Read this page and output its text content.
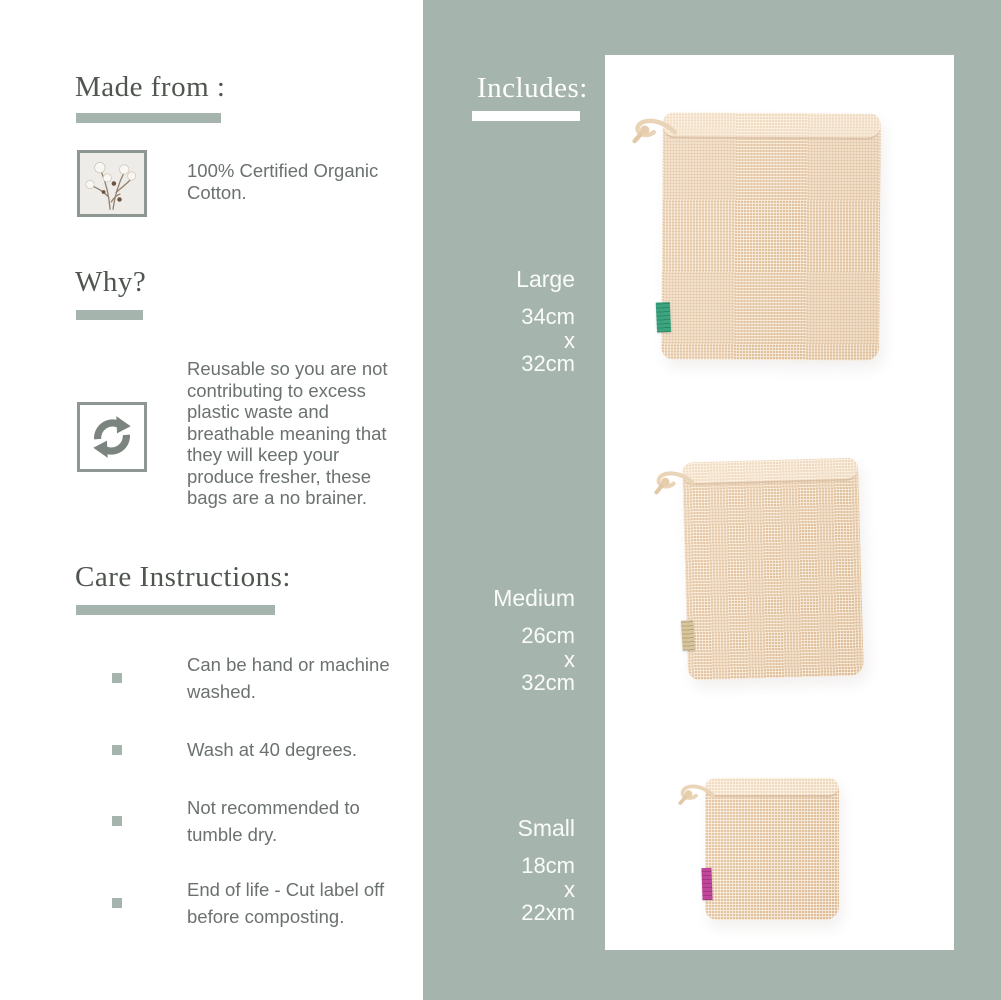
Made from :
100% Certified Organic Cotton.
Why?
Reusable so you are not contributing to excess plastic waste and breathable meaning that they will keep your produce fresher, these bags are a no brainer.
Care Instructions:
Can be hand or machine washed.
Wash at 40 degrees.
Not recommended to tumble dry.
End of life - Cut label off before composting.
Includes:
Large
34cm
x
32cm
Medium
26cm
x
32cm
Small
18cm
x
22xm
